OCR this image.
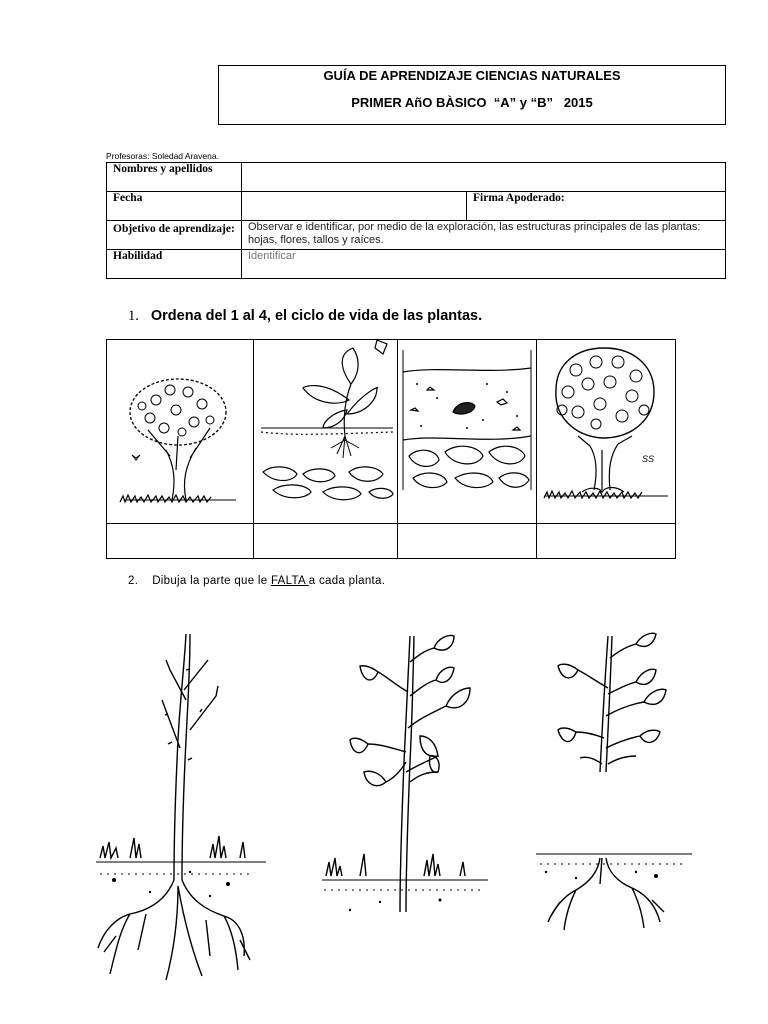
GUÍA DE APRENDIZAJE CIENCIAS NATURALES
PRIMER AñO BÀSICO  “A” y “B”   2015
Profesoras: Soledad Aravena.
Nombres y apellidos		
Fecha		Firma Apoderado:
Objetivo de aprendizaje:	Observar e identificar, por medio de la exploración, las estructuras principales de las plantas: hojas, flores, tallos y raíces.	
Habilidad	Identificar	
1. Ordena del 1 al 4, el ciclo de vida de las plantas.
SS
2. Dibuja la parte que le FALTA a cada planta.
